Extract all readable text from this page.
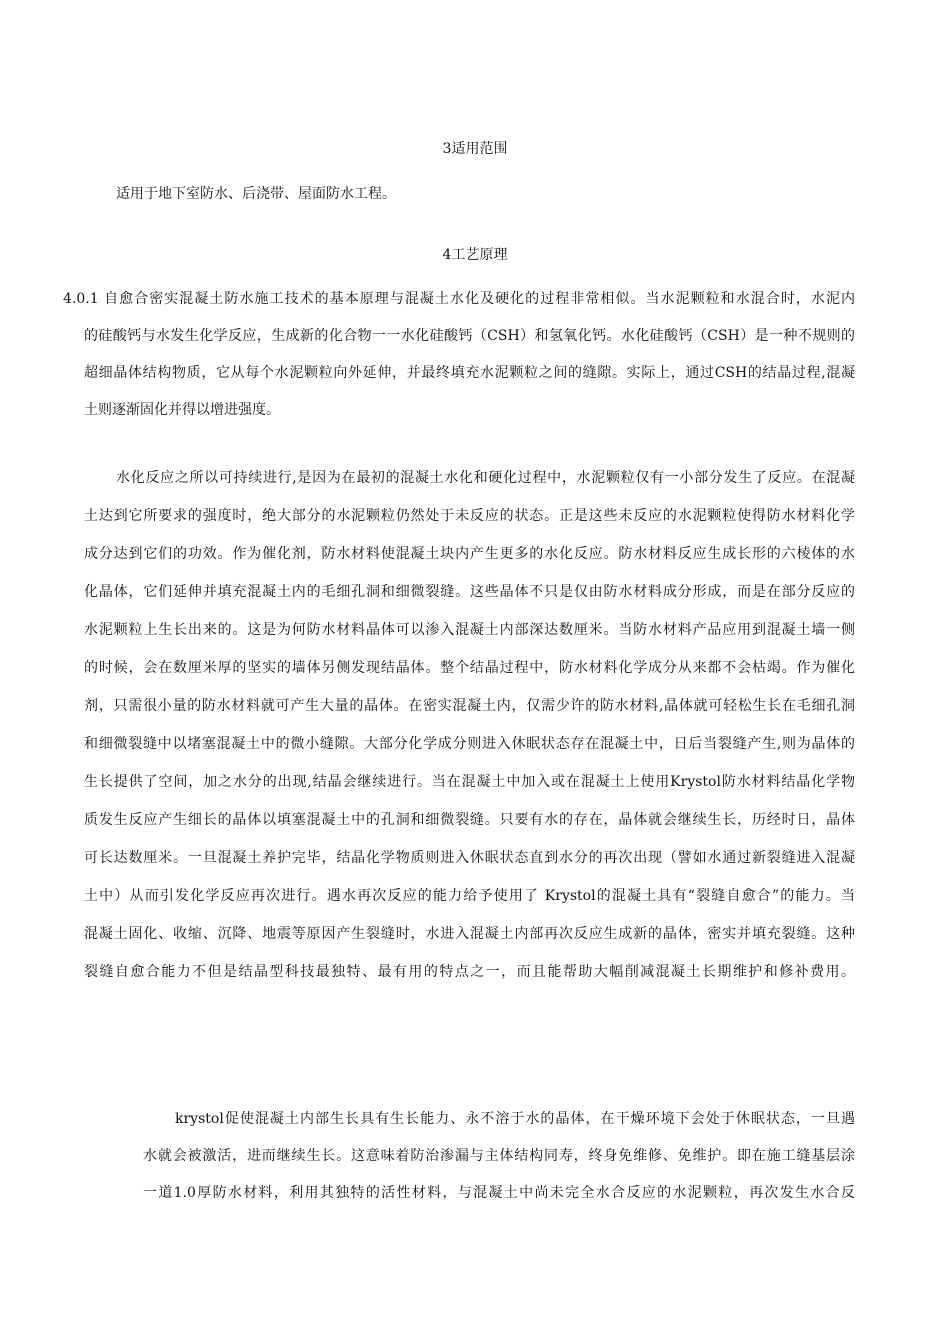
3适用范围
适用于地下室防水、后浇带、屋面防水工程。
4工艺原理
4.0.1 自愈合密实混凝土防水施工技术的基本原理与混凝土水化及硬化的过程非常相似。当水泥颗粒和水混合时，水泥内
的硅酸钙与水发生化学反应，生成新的化合物一一水化硅酸钙（CSH）和氢氧化钙。水化硅酸钙（CSH）是一种不规则的
超细晶体结构物质，它从每个水泥颗粒向外延伸，并最终填充水泥颗粒之间的缝隙。实际上，通过CSH的结晶过程,混凝
土则逐渐固化并得以增进强度。
水化反应之所以可持续进行,是因为在最初的混凝土水化和硬化过程中，水泥颗粒仅有一小部分发生了反应。在混凝
土达到它所要求的强度时，绝大部分的水泥颗粒仍然处于未反应的状态。正是这些未反应的水泥颗粒使得防水材料化学
成分达到它们的功效。作为催化剂，防水材料使混凝土块内产生更多的水化反应。防水材料反应生成长形的六棱体的水
化晶体，它们延伸并填充混凝土内的毛细孔洞和细微裂缝。这些晶体不只是仅由防水材料成分形成，而是在部分反应的
水泥颗粒上生长出来的。这是为何防水材料晶体可以渗入混凝土内部深达数厘米。当防水材料产品应用到混凝土墙一侧
的时候，会在数厘米厚的坚实的墙体另侧发现结晶体。整个结晶过程中，防水材料化学成分从来都不会枯竭。作为催化
剂，只需很小量的防水材料就可产生大量的晶体。在密实混凝土内，仅需少许的防水材料,晶体就可轻松生长在毛细孔洞
和细微裂缝中以堵塞混凝土中的微小缝隙。大部分化学成分则进入休眠状态存在混凝土中，日后当裂缝产生,则为晶体的
生长提供了空间，加之水分的出现,结晶会继续进行。当在混凝土中加入或在混凝土上使用Krystol防水材料结晶化学物
质发生反应产生细长的晶体以填塞混凝土中的孔洞和细微裂缝。只要有水的存在，晶体就会继续生长，历经时日，晶体
可长达数厘米。一旦混凝土养护完毕，结晶化学物质则进入休眠状态直到水分的再次出现（譬如水通过新裂缝进入混凝
土中）从而引发化学反应再次进行。遇水再次反应的能力给予使用了 Krystol的混凝土具有“裂缝自愈合”的能力。当
混凝土固化、收缩、沉降、地震等原因产生裂缝时，水进入混凝土内部再次反应生成新的晶体，密实并填充裂缝。这种
裂缝自愈合能力不但是结晶型科技最独特、最有用的特点之一，而且能帮助大幅削减混凝土长期维护和修补费用。
krystol促使混凝土内部生长具有生长能力、永不溶于水的晶体，在干燥环境下会处于休眠状态，一旦遇
水就会被激活，进而继续生长。这意味着防治渗漏与主体结构同寿，终身免维修、免维护。即在施工缝基层涂
一道1.0厚防水材料，利用其独特的活性材料，与混凝土中尚未完全水合反应的水泥颗粒，再次发生水合反
